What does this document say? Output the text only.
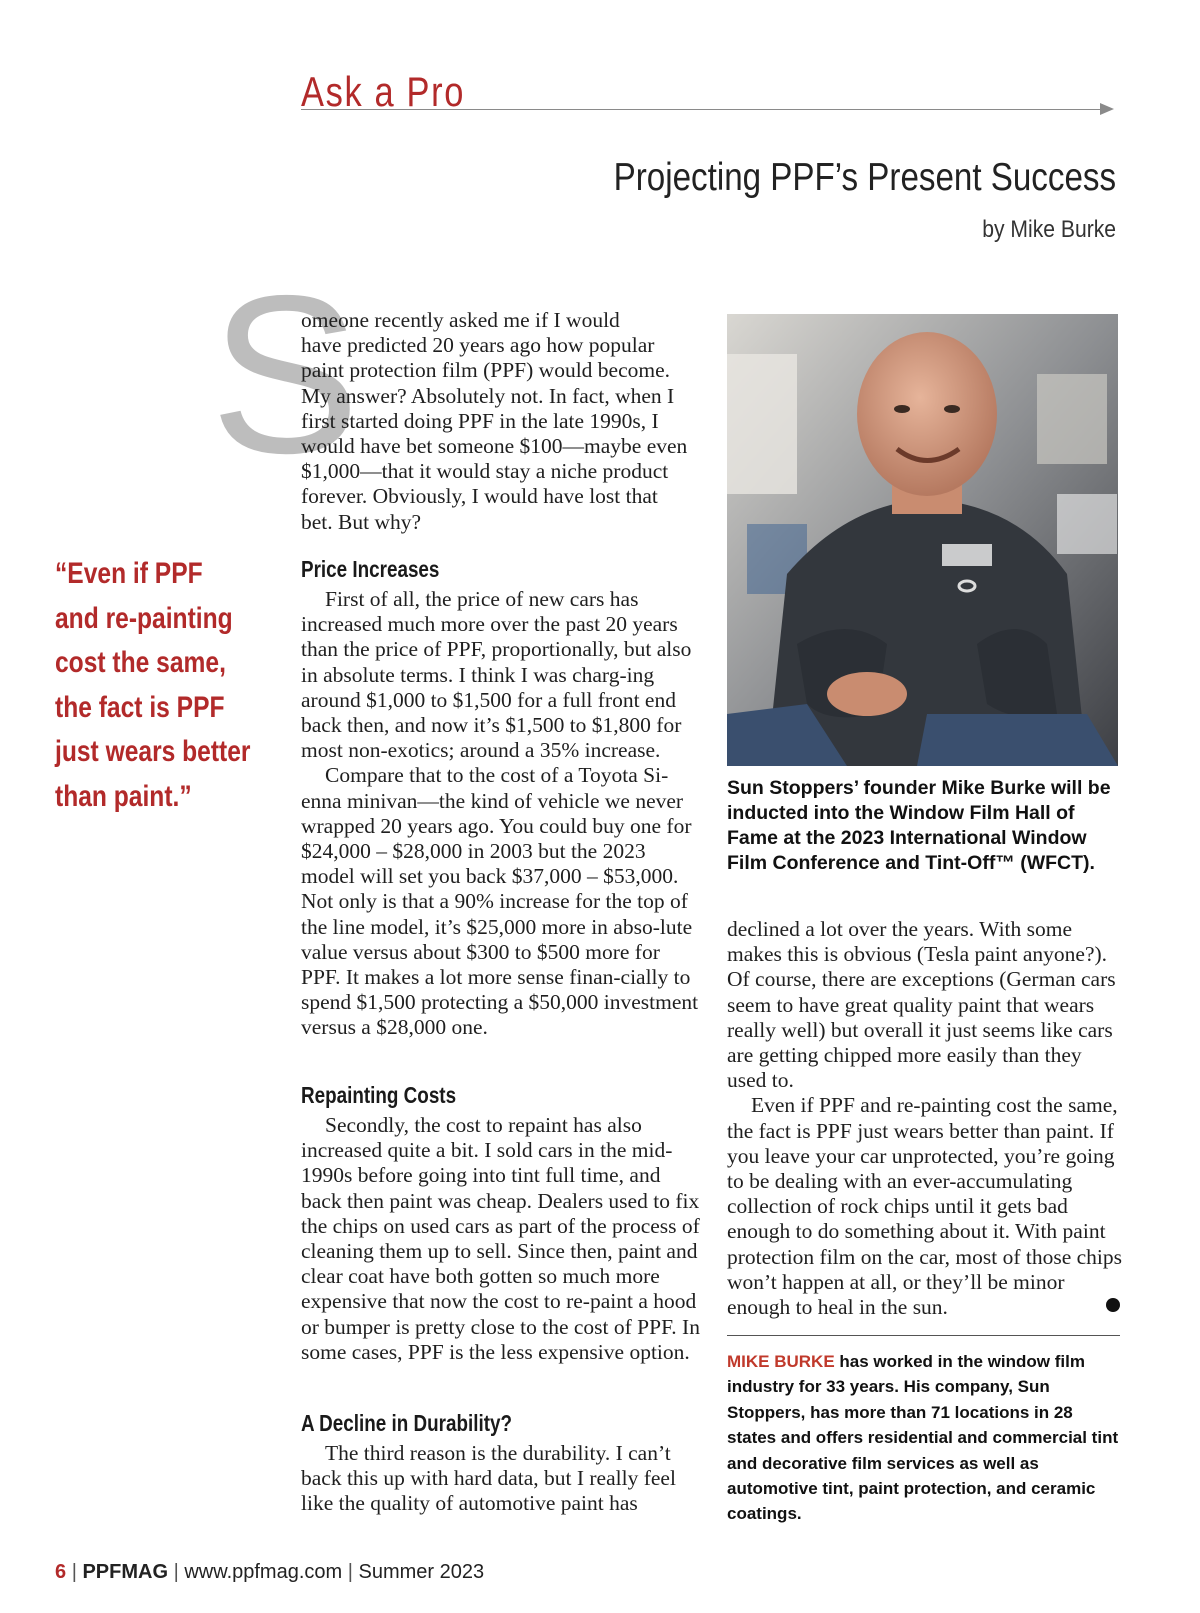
Ask a Pro
Projecting PPF’s Present Success
by Mike Burke
S
omeone recently asked me if I would
have predicted 20 years ago how popular
paint protection film (PPF) would become.
My answer? Absolutely not. In fact, when I
first started doing PPF in the late 1990s, I
would have bet someone $100—maybe even
$1,000—that it would stay a niche product
forever. Obviously, I would have lost that
bet. But why?
Price Increases

First of all, the price of new cars has increased much more over the past 20 years than the price of PPF, proportionally, but also in absolute terms. I think I was charg-ing around $1,000 to $1,500 for a full front end back then, and now it’s $1,500 to $1,800 for most non-exotics; around a 35% increase.

Compare that to the cost of a Toyota Si-enna minivan—the kind of vehicle we never wrapped 20 years ago. You could buy one for $24,000 – $28,000 in 2003 but the 2023 model will set you back $37,000 – $53,000. Not only is that a 90% increase for the top of the line model, it’s $25,000 more in abso-lute value versus about $300 to $500 more for PPF. It makes a lot more sense finan-cially to spend $1,500 protecting a $50,000 investment versus a $28,000 one.

Repainting Costs

Secondly, the cost to repaint has also increased quite a bit. I sold cars in the mid-1990s before going into tint full time, and back then paint was cheap. Dealers used to fix the chips on used cars as part of the process of cleaning them up to sell. Since then, paint and clear coat have both gotten so much more expensive that now the cost to re-paint a hood or bumper is pretty close to the cost of PPF. In some cases, PPF is the less expensive option.

A Decline in Durability?

The third reason is the durability. I can’t back this up with hard data, but I really feel like the quality of automotive paint has

“Even if PPF and re-painting cost the same, the fact is PPF just wears better than paint.”	Sun Stoppers’ founder Mike Burke will be inducted into the Window Film Hall of Fame at the 2023 International Window Film Conference and Tint-Off™ (WFCT).

declined a lot over the years. With some makes this is obvious (Tesla paint anyone?). Of course, there are exceptions (German cars seem to have great quality paint that wears really well) but overall it just seems like cars are getting chipped more easily than they used to.

Even if PPF and re-painting cost the same, the fact is PPF just wears better than paint. If you leave your car unprotected, you’re going to be dealing with an ever-accumulating collection of rock chips until it gets bad enough to do something about it. With paint protection film on the car, most of those chips won’t happen at all, or they’ll be minor enough to heal in the sun.

MIKE BURKE has worked in the window film industry for 33 years. His company, Sun Stoppers, has more than 71 locations in 28 states and offers residential and commercial tint and decorative film services as well as automotive tint, paint protection, and ceramic coatings.

6 | PPFMAG | www.ppfmag.com | Summer 2023
